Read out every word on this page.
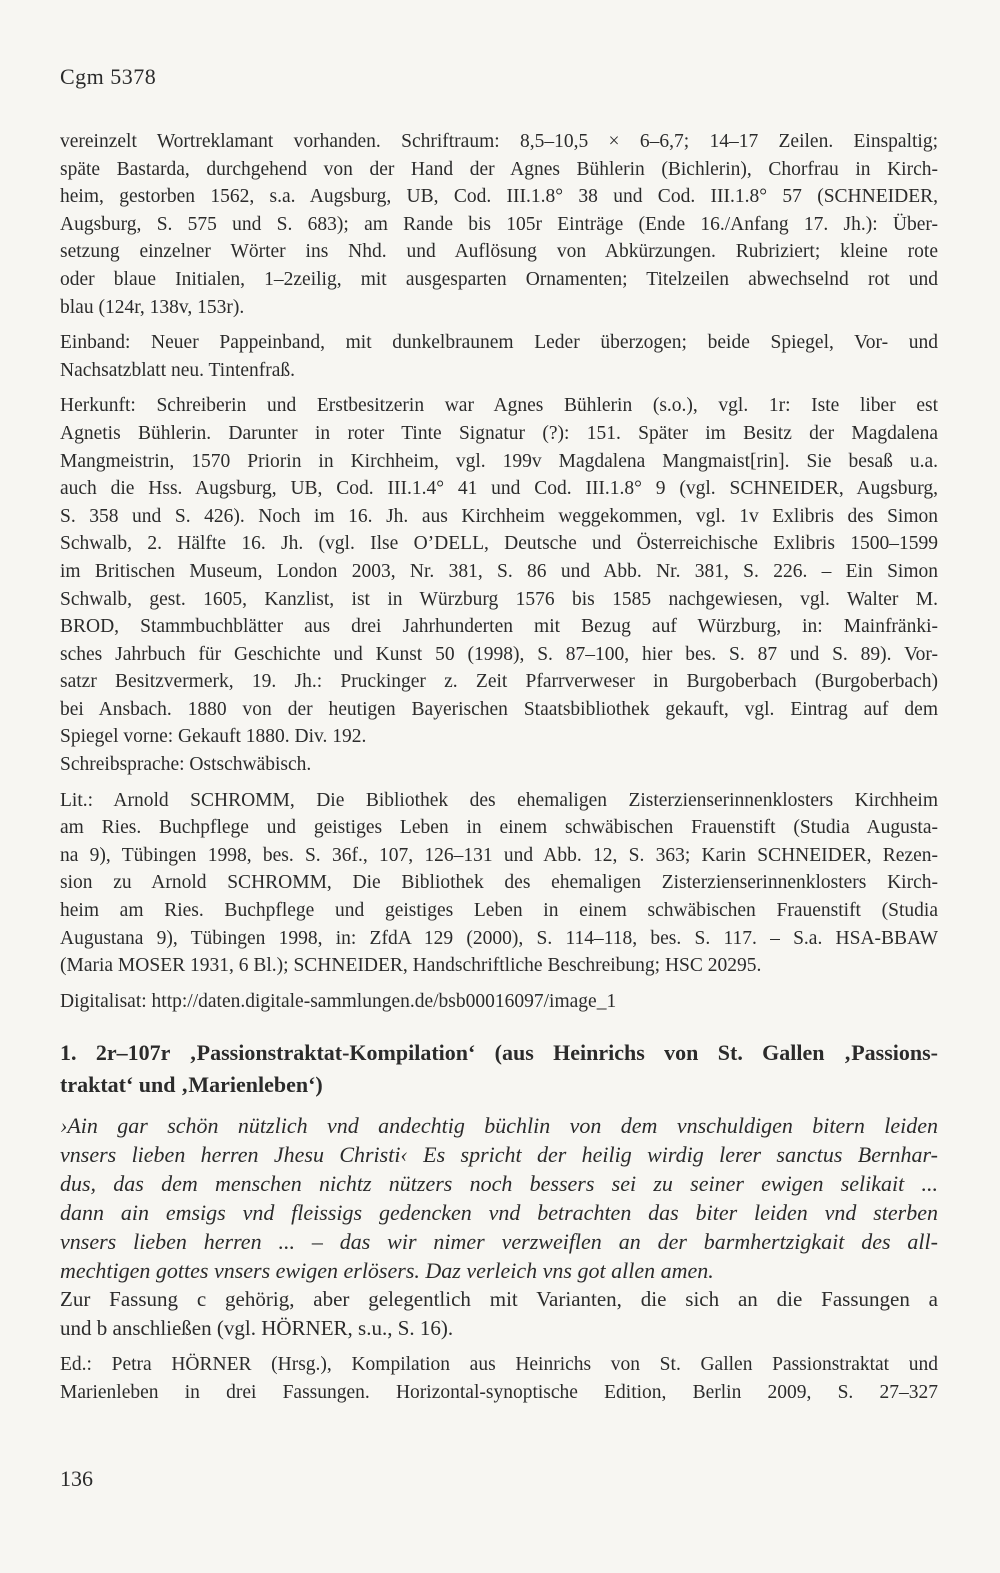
Cgm 5378
vereinzelt Wortreklamant vorhanden. Schriftraum: 8,5–10,5 × 6–6,7; 14–17 Zeilen. Einspaltig;
späte Bastarda, durchgehend von der Hand der Agnes Bühlerin (Bichlerin), Chorfrau in Kirch-
heim, gestorben 1562, s.a. Augsburg, UB, Cod. III.1.8° 38 und Cod. III.1.8° 57 (SCHNEIDER,
Augsburg, S. 575 und S. 683); am Rande bis 105r Einträge (Ende 16./Anfang 17. Jh.): Über-
setzung einzelner Wörter ins Nhd. und Auflösung von Abkürzungen. Rubriziert; kleine rote
oder blaue Initialen, 1–2zeilig, mit ausgesparten Ornamenten; Titelzeilen abwechselnd rot und
blau (124r, 138v, 153r).
Einband: Neuer Pappeinband, mit dunkelbraunem Leder überzogen; beide Spiegel, Vor- und
Nachsatzblatt neu. Tintenfraß.
Herkunft: Schreiberin und Erstbesitzerin war Agnes Bühlerin (s.o.), vgl. 1r: Iste liber est
Agnetis Bühlerin. Darunter in roter Tinte Signatur (?): 151. Später im Besitz der Magdalena
Mangmeistrin, 1570 Priorin in Kirchheim, vgl. 199v Magdalena Mangmaist[rin]. Sie besaß u.a.
auch die Hss. Augsburg, UB, Cod. III.1.4° 41 und Cod. III.1.8° 9 (vgl. SCHNEIDER, Augsburg,
S. 358 und S. 426). Noch im 16. Jh. aus Kirchheim weggekommen, vgl. 1v Exlibris des Simon
Schwalb, 2. Hälfte 16. Jh. (vgl. Ilse O’DELL, Deutsche und Österreichische Exlibris 1500–1599
im Britischen Museum, London 2003, Nr. 381, S. 86 und Abb. Nr. 381, S. 226. – Ein Simon
Schwalb, gest. 1605, Kanzlist, ist in Würzburg 1576 bis 1585 nachgewiesen, vgl. Walter M.
BROD, Stammbuchblätter aus drei Jahrhunderten mit Bezug auf Würzburg, in: Mainfränki-
sches Jahrbuch für Geschichte und Kunst 50 (1998), S. 87–100, hier bes. S. 87 und S. 89). Vor-
satzr Besitzvermerk, 19. Jh.: Pruckinger z. Zeit Pfarrverweser in Burgoberbach (Burgoberbach)
bei Ansbach. 1880 von der heutigen Bayerischen Staatsbibliothek gekauft, vgl. Eintrag auf dem
Spiegel vorne: Gekauft 1880. Div. 192.
Schreibsprache: Ostschwäbisch.
Lit.: Arnold SCHROMM, Die Bibliothek des ehemaligen Zisterzienserinnenklosters Kirchheim
am Ries. Buchpflege und geistiges Leben in einem schwäbischen Frauenstift (Studia Augusta-
na 9), Tübingen 1998, bes. S. 36f., 107, 126–131 und Abb. 12, S. 363; Karin SCHNEIDER, Rezen-
sion zu Arnold SCHROMM, Die Bibliothek des ehemaligen Zisterzienserinnenklosters Kirch-
heim am Ries. Buchpflege und geistiges Leben in einem schwäbischen Frauenstift (Studia
Augustana 9), Tübingen 1998, in: ZfdA 129 (2000), S. 114–118, bes. S. 117. – S.a. HSA-BBAW
(Maria MOSER 1931, 6 Bl.); SCHNEIDER, Handschriftliche Beschreibung; HSC 20295.
Digitalisat: http://daten.digitale-sammlungen.de/bsb00016097/image_1
1. 2r–107r ‚Passionstraktat-Kompilation‘ (aus Heinrichs von St. Gallen ‚Passions-
traktat‘ und ‚Marienleben‘)
›Ain gar schön nützlich vnd andechtig büchlin von dem vnschuldigen bitern leiden
vnsers lieben herren Jhesu Christi‹ Es spricht der heilig wirdig lerer sanctus Bernhar-
dus, das dem menschen nichtz nützers noch bessers sei zu seiner ewigen selikait ...
dann ain emsigs vnd fleissigs gedencken vnd betrachten das biter leiden vnd sterben
vnsers lieben herren ... – das wir nimer verzweiflen an der barmhertzigkait des all-
mechtigen gottes vnsers ewigen erlösers. Daz verleich vns got allen amen.
Zur Fassung c gehörig, aber gelegentlich mit Varianten, die sich an die Fassungen a
und b anschließen (vgl. HÖRNER, s.u., S. 16).
Ed.: Petra HÖRNER (Hrsg.), Kompilation aus Heinrichs von St. Gallen Passionstraktat und
Marienleben in drei Fassungen. Horizontal-synoptische Edition, Berlin 2009, S. 27–327
136
